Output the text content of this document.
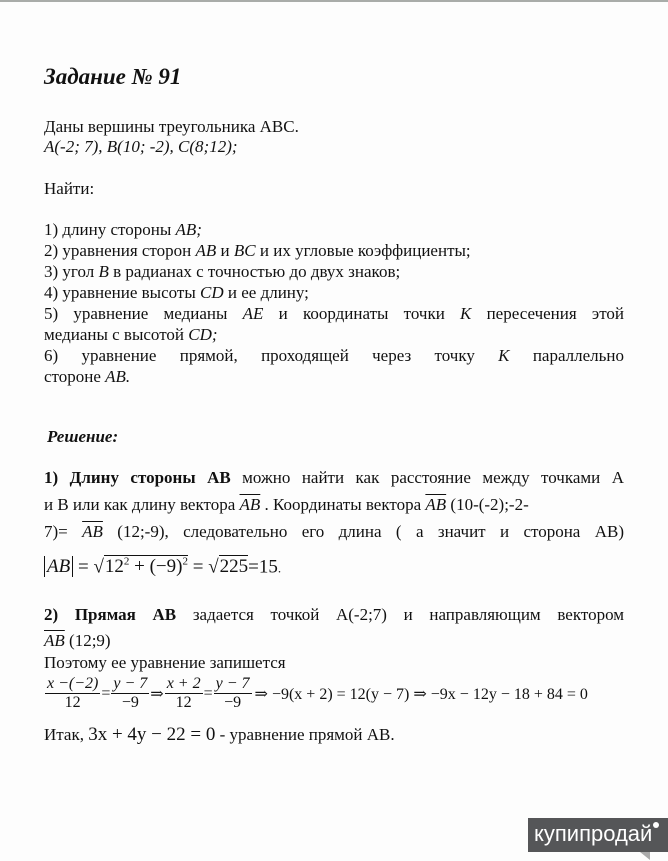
Задание № 91
Даны вершины треугольника ABC.
A(-2; 7), B(10; -2), C(8;12);
Найти:
1) длину стороны AB;
2) уравнения сторон AB и BC и их угловые коэффициенты;
3) угол B в радианах с точностью до двух знаков;
4) уравнение высоты CD и ее длину;
5) уравнение медианы AE и координаты точки K пересечения этой
медианы с высотой CD;
6) уравнение прямой, проходящей через точку K параллельно
стороне AB.
Решение:
1) Длину стороны АВ можно найти как расстояние между точками А
и В или как длину вектора $\overline{AB}$ . Координаты вектора $\overline{AB}$ (10-(-2);-2-
$7)= \overline{AB}$ (12;-9), следовательно его длина ( а значит и сторона АВ)
AB = $√12^2 + (-9)^2 = √225=15$.
2) Прямая АВ задается точкой А(-2;7) и направляющим вектором
$\overline{AB}$ (12;9)
Поэтому ее уравнение запишется
$\frac{x -(-2)}{12} = \frac{y - 7}{-9}$ ⇒ $\frac{x + 2}{12} = \frac{y - 7}{-9}$ ⇒ −9(x + 2) = 12(y − 7) ⇒ −9x − 12y − 18 + 84 = 0
Итак, 3x + 4y − 22 = 0 - уравнение прямой АВ.
купипродай
